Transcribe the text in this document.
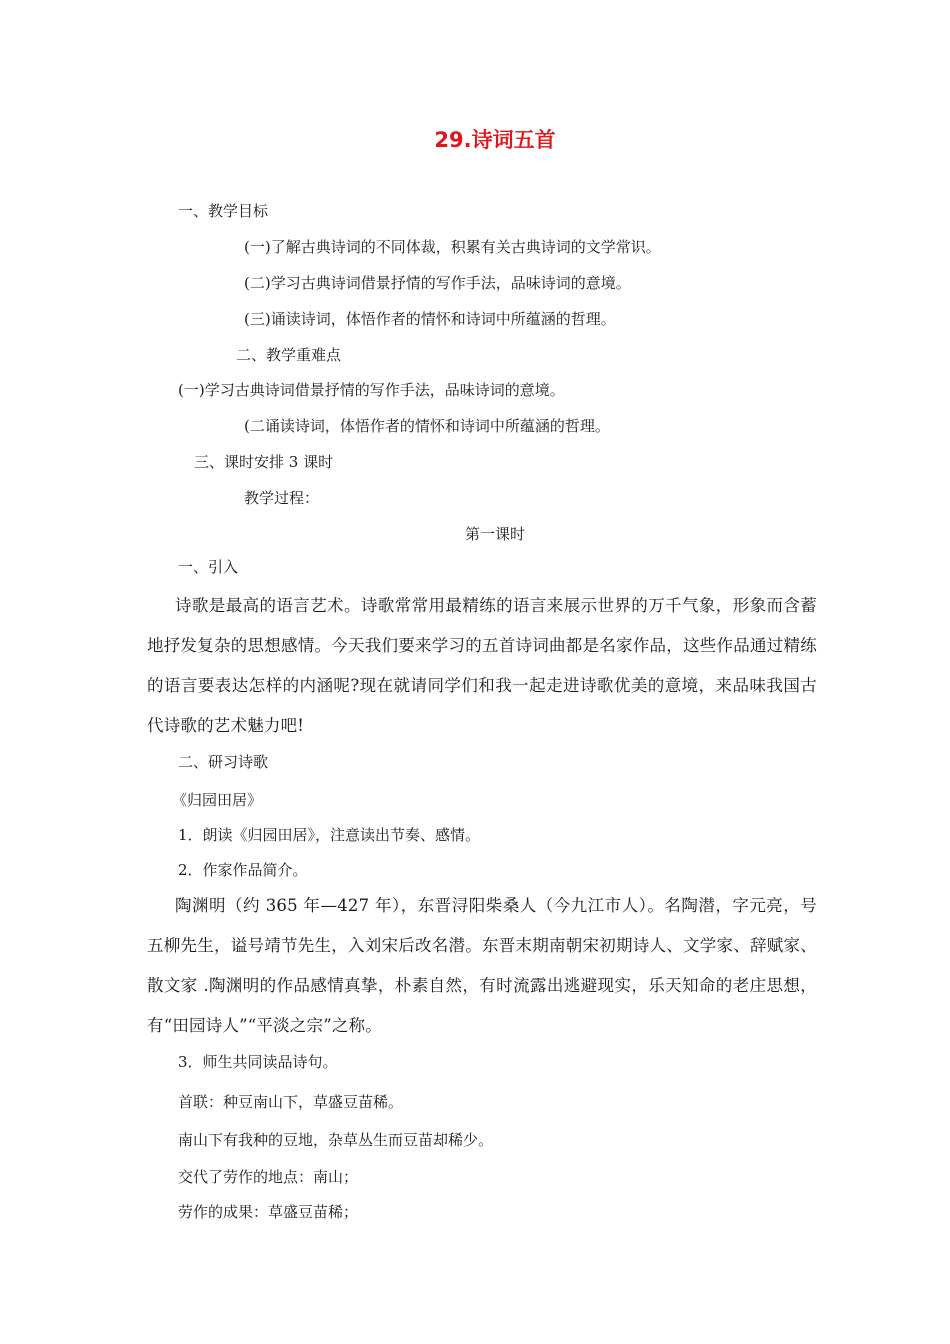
29.诗词五首

一、教学目标

(一)了解古典诗词的不同体裁，积累有关古典诗词的文学常识。

(二)学习古典诗词借景抒情的写作手法，品味诗词的意境。

(三)诵读诗词，体悟作者的情怀和诗词中所蕴涵的哲理。

二、教学重难点

(一)学习古典诗词借景抒情的写作手法，品味诗词的意境。

(二诵读诗词，体悟作者的情怀和诗词中所蕴涵的哲理。

三、课时安排 3 课时

教学过程：

第一课时

一、引入

诗歌是最高的语言艺术。诗歌常常用最精练的语言来展示世界的万千气象，形象而含蓄地抒发复杂的思想感情。今天我们要来学习的五首诗词曲都是名家作品，这些作品通过精练的语言要表达怎样的内涵呢?现在就请同学们和我一起走进诗歌优美的意境，来品味我国古代诗歌的艺术魅力吧!

二、研习诗歌

《归园田居》

1．朗读《归园田居》，注意读出节奏、感情。

2．作家作品简介。

陶渊明（约 365 年—427 年），东晋浔阳柴桑人（今九江市人）。名陶潜，字元亮，号五柳先生，谥号靖节先生，入刘宋后改名潜。东晋末期南朝宋初期诗人、文学家、辞赋家、散文家 .陶渊明的作品感情真挚，朴素自然，有时流露出逃避现实，乐天知命的老庄思想，有“田园诗人”“平淡之宗”之称。

3．师生共同读品诗句。

首联：种豆南山下，草盛豆苗稀。

南山下有我种的豆地，杂草丛生而豆苗却稀少。

交代了劳作的地点：南山；

劳作的成果：草盛豆苗稀；
